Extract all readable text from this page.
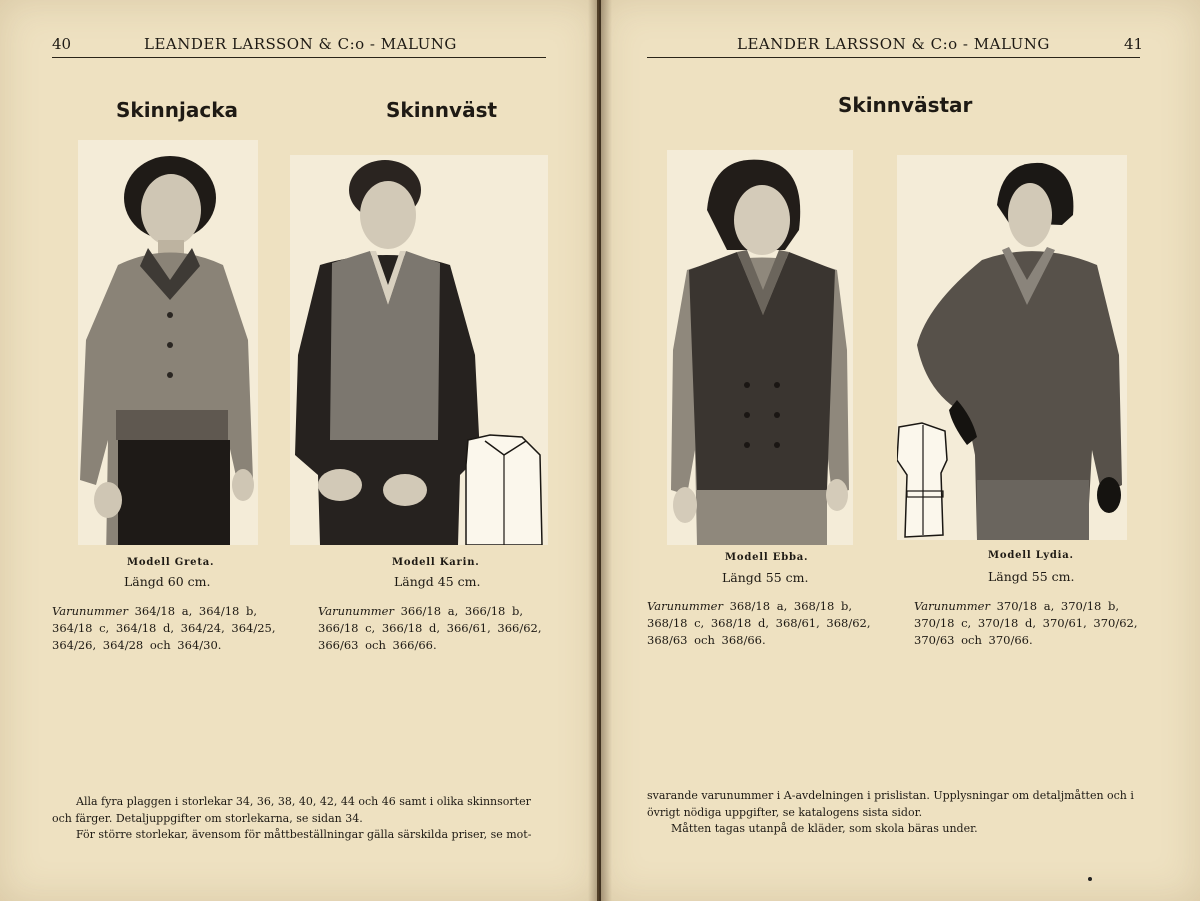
40	LEANDER LARSSON & C:o - MALUNG
Skinnjacka	Skinnväst
Modell Greta.
Längd 60 cm.
Varunummer 364/18 a, 364/18 b, 364/18 c, 364/18 d, 364/24, 364/25, 364/26, 364/28 och 364/30.
Modell Karin.
Längd 45 cm.
Varunummer 366/18 a, 366/18 b, 366/18 c, 366/18 d, 366/61, 366/62, 366/63 och 366/66.

Alla fyra plaggen i storlekar 34, 36, 38, 40, 42, 44 och 46 samt i olika skinnsorter och färger. Detaljuppgifter om storlekarna, se sidan 34.

För större storlekar, ävensom för måttbeställningar gälla särskilda priser, se mot-

LEANDER LARSSON & C:o - MALUNG	41
Skinnvästar
Modell Ebba.
Längd 55 cm.
Varunummer 368/18 a, 368/18 b, 368/18 c, 368/18 d, 368/61, 368/62, 368/63 och 368/66.
Modell Lydia.
Längd 55 cm.
Varunummer 370/18 a, 370/18 b, 370/18 c, 370/18 d, 370/61, 370/62, 370/63 och 370/66.

svarande varunummer i A-avdelningen i prislistan. Upplysningar om detaljmåtten och i övrigt nödiga uppgifter, se katalogens sista sidor.

Måtten tagas utanpå de kläder, som skola bäras under.
